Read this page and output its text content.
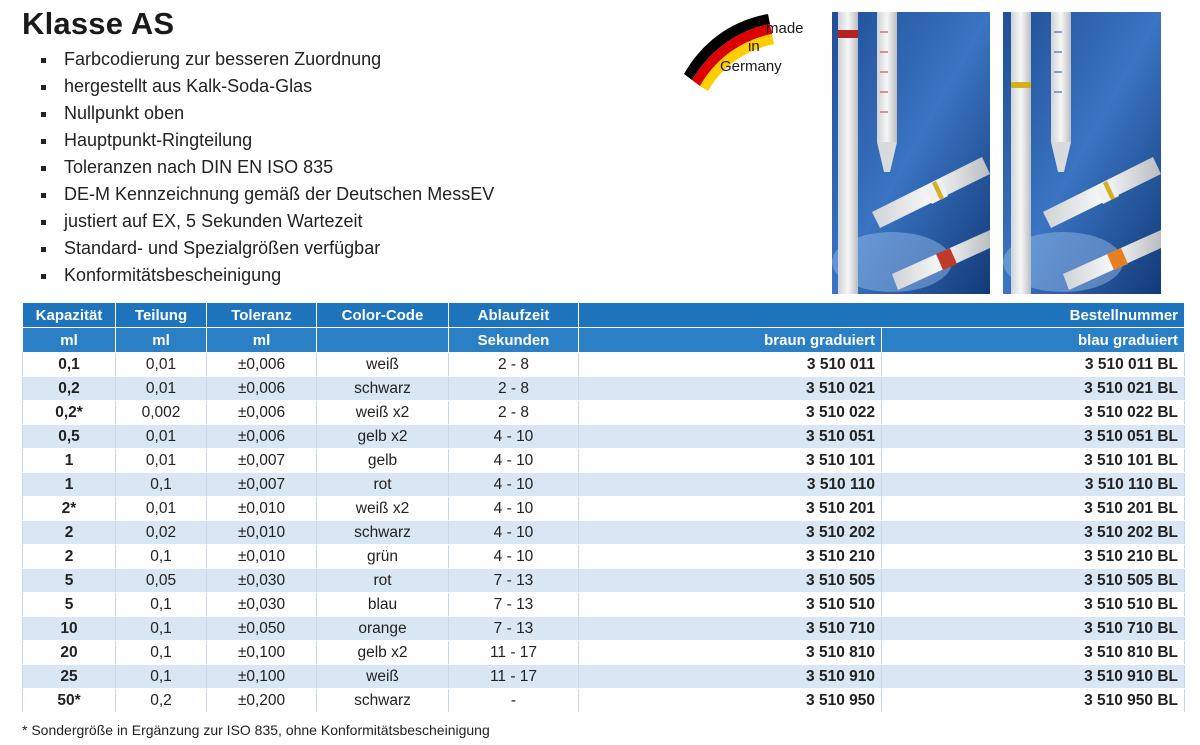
Klasse AS
Farbcodierung zur besseren Zuordnung
hergestellt aus Kalk-Soda-Glas
Nullpunkt oben
Hauptpunkt-Ringteilung
Toleranzen nach DIN EN ISO 835
DE-M Kennzeichnung gemäß der Deutschen MessEV
justiert auf EX, 5 Sekunden Wartezeit
Standard- und Spezialgrößen verfügbar
Konformitätsbescheinigung
made
in
Germany
Kapazität	Teilung	Toleranz	Color-Code	Ablaufzeit	Bestellnummer	
ml	ml	ml		Sekunden	braun graduiert	blau graduiert
0,1	0,01	±0,006	weiß	2 - 8	3 510 011	3 510 011 BL
0,2	0,01	±0,006	schwarz	2 - 8	3 510 021	3 510 021 BL
0,2*	0,002	±0,006	weiß x2	2 - 8	3 510 022	3 510 022 BL
0,5	0,01	±0,006	gelb x2	4 - 10	3 510 051	3 510 051 BL
1	0,01	±0,007	gelb	4 - 10	3 510 101	3 510 101 BL
1	0,1	±0,007	rot	4 - 10	3 510 110	3 510 110 BL
2*	0,01	±0,010	weiß x2	4 - 10	3 510 201	3 510 201 BL
2	0,02	±0,010	schwarz	4 - 10	3 510 202	3 510 202 BL
2	0,1	±0,010	grün	4 - 10	3 510 210	3 510 210 BL
5	0,05	±0,030	rot	7 - 13	3 510 505	3 510 505 BL
5	0,1	±0,030	blau	7 - 13	3 510 510	3 510 510 BL
10	0,1	±0,050	orange	7 - 13	3 510 710	3 510 710 BL
20	0,1	±0,100	gelb x2	11 - 17	3 510 810	3 510 810 BL
25	0,1	±0,100	weiß	11 - 17	3 510 910	3 510 910 BL
50*	0,2	±0,200	schwarz	-	3 510 950	3 510 950 BL
* Sondergröße in Ergänzung zur ISO 835, ohne Konformitätsbescheinigung
